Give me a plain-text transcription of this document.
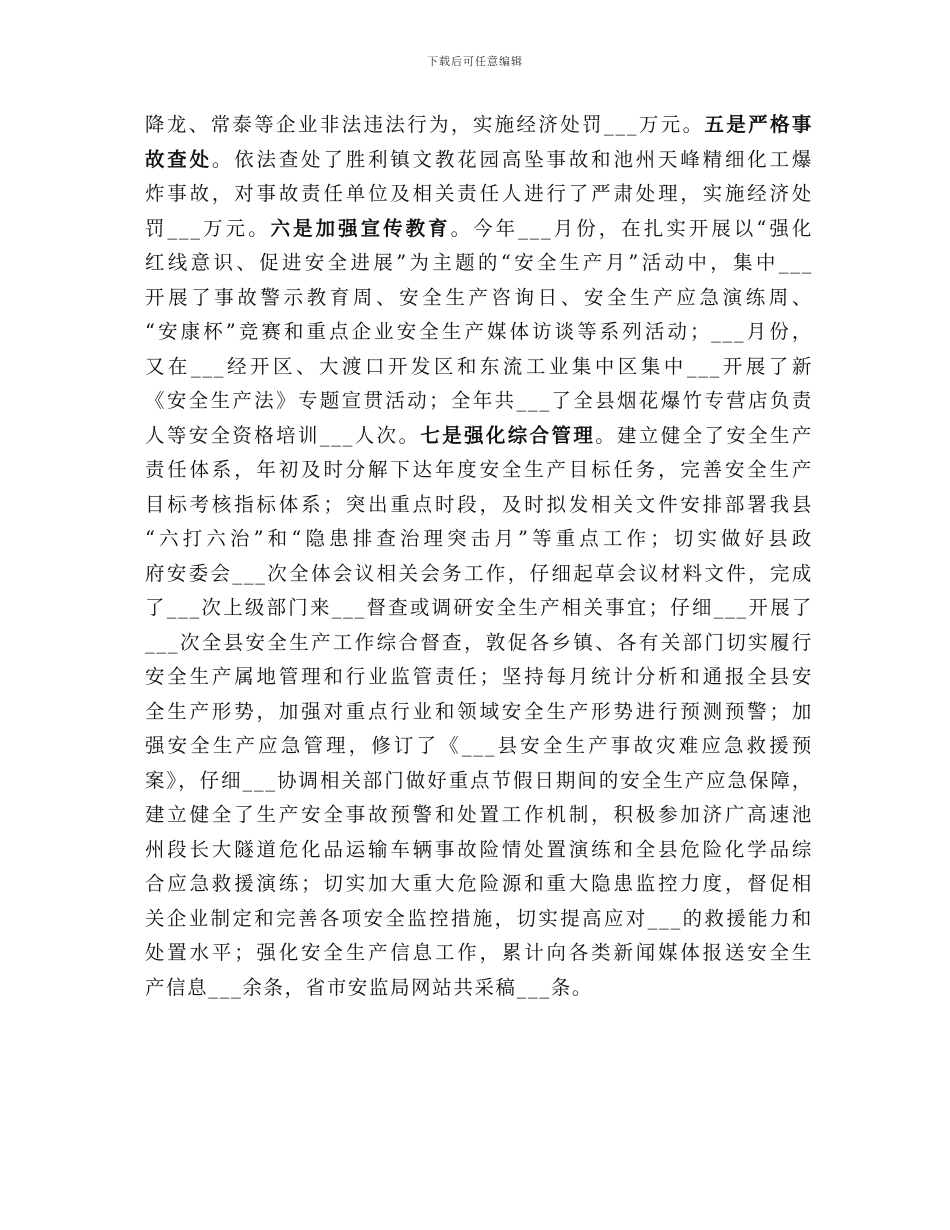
下载后可任意编辑
降龙、常泰等企业非法违法行为，实施经济处罚___万元。五是严格事
故查处。依法查处了胜利镇文教花园高坠事故和池州天峰精细化工爆
炸事故，对事故责任单位及相关责任人进行了严肃处理，实施经济处
罚___万元。六是加强宣传教育。今年___月份，在扎实开展以“强化
红线意识、促进安全进展”为主题的“安全生产月”活动中，集中___
开展了事故警示教育周、安全生产咨询日、安全生产应急演练周、
“安康杯”竞赛和重点企业安全生产媒体访谈等系列活动；___月份，
又在___经开区、大渡口开发区和东流工业集中区集中___开展了新
《安全生产法》专题宣贯活动；全年共___了全县烟花爆竹专营店负责
人等安全资格培训___人次。七是强化综合管理。建立健全了安全生产
责任体系，年初及时分解下达年度安全生产目标任务，完善安全生产
目标考核指标体系；突出重点时段，及时拟发相关文件安排部署我县
“六打六治”和“隐患排查治理突击月”等重点工作；切实做好县政
府安委会___次全体会议相关会务工作，仔细起草会议材料文件，完成
了___次上级部门来___督查或调研安全生产相关事宜；仔细___开展了
___次全县安全生产工作综合督查，敦促各乡镇、各有关部门切实履行
安全生产属地管理和行业监管责任；坚持每月统计分析和通报全县安
全生产形势，加强对重点行业和领域安全生产形势进行预测预警；加
强安全生产应急管理，修订了《___县安全生产事故灾难应急救援预
案》，仔细___协调相关部门做好重点节假日期间的安全生产应急保障，
建立健全了生产安全事故预警和处置工作机制，积极参加济广高速池
州段长大隧道危化品运输车辆事故险情处置演练和全县危险化学品综
合应急救援演练；切实加大重大危险源和重大隐患监控力度，督促相
关企业制定和完善各项安全监控措施，切实提高应对___的救援能力和
处置水平；强化安全生产信息工作，累计向各类新闻媒体报送安全生
产信息___余条，省市安监局网站共采稿___条。
